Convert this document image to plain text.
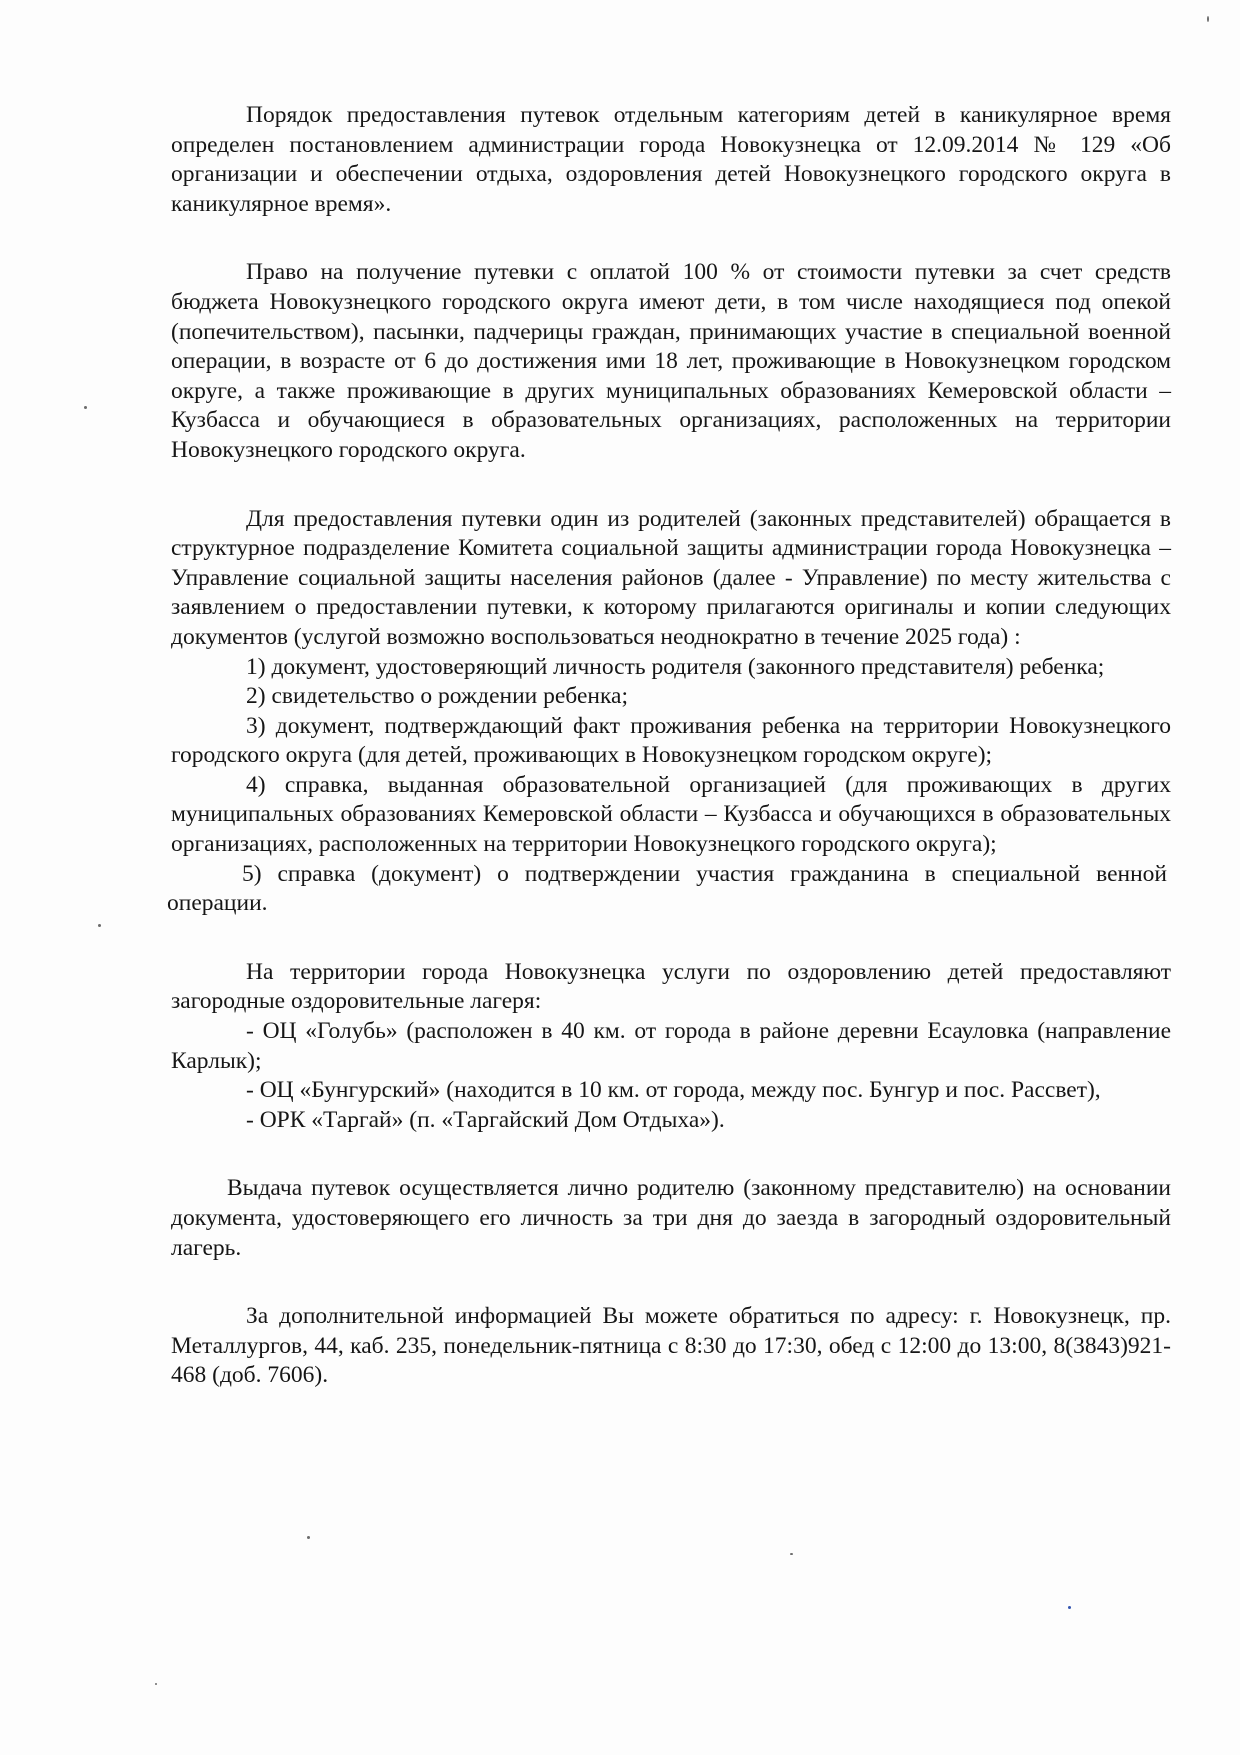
Порядок предоставления путевок отдельным категориям детей в каникулярное время определен постановлением администрации города Новокузнецка от 12.09.2014 № 129 «Об организации и обеспечении отдыха, оздоровления детей Новокузнецкого городского округа в каникулярное время».

Право на получение путевки с оплатой 100 % от стоимости путевки за счет средств бюджета Новокузнецкого городского округа имеют дети, в том числе находящиеся под опекой (попечительством), пасынки, падчерицы граждан, принимающих участие в специальной военной операции, в возрасте от 6 до достижения ими 18 лет, проживающие в Новокузнецком городском округе, а также проживающие в других муниципальных образованиях Кемеровской области – Кузбасса и обучающиеся в образовательных организациях, расположенных на территории Новокузнецкого городского округа.

Для предоставления путевки один из родителей (законных представителей) обращается в структурное подразделение Комитета социальной защиты администрации города Новокузнецка – Управление социальной защиты населения районов (далее - Управление) по месту жительства с заявлением о предоставлении путевки, к которому прилагаются оригиналы и копии следующих документов (услугой возможно воспользоваться неоднократно в течение 2025 года) :

1) документ, удостоверяющий личность родителя (законного представителя) ребенка;

2) свидетельство о рождении ребенка;

3) документ, подтверждающий факт проживания ребенка на территории Новокузнецкого городского округа (для детей, проживающих в Новокузнецком городском округе);

4) справка, выданная образовательной организацией (для проживающих в других муниципальных образованиях Кемеровской области – Кузбасса и обучающихся в образовательных организациях, расположенных на территории Новокузнецкого городского округа);

5) справка (документ) о подтверждении участия гражданина в специальной венной операции.

На территории города Новокузнецка услуги по оздоровлению детей предоставляют загородные оздоровительные лагеря:

- ОЦ «Голубь» (расположен в 40 км. от города в районе деревни Есауловка (направление Карлык);

- ОЦ «Бунгурский» (находится в 10 км. от города, между пос. Бунгур и пос. Рассвет),

- ОРК «Таргай» (п. «Таргайский Дом Отдыха»).

Выдача путевок осуществляется лично родителю (законному представителю) на основании документа, удостоверяющего его личность за три дня до заезда в загородный оздоровительный лагерь.

За дополнительной информацией Вы можете обратиться по адресу: г. Новокузнецк, пр. Металлургов, 44, каб. 235, понедельник-пятница с 8:30 до 17:30, обед с 12:00 до 13:00, 8(3843)921-468 (доб. 7606).
